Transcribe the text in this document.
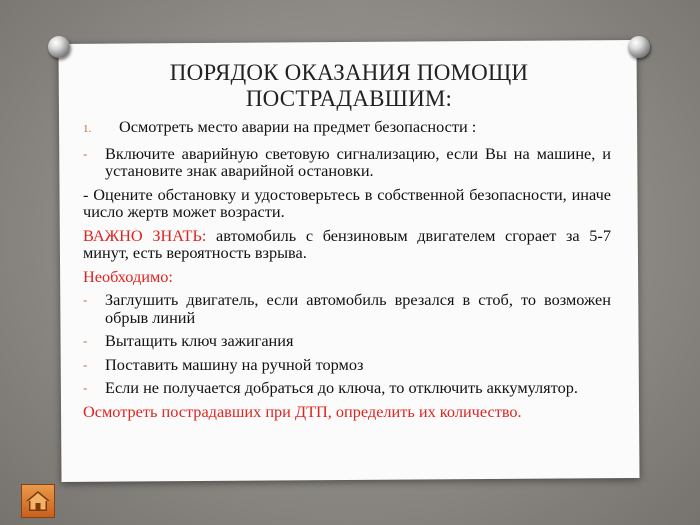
ПОРЯДОК ОКАЗАНИЯ ПОМОЩИ
ПОСТРАДАВШИМ:
1.	Осмотреть место аварии на предмет безопасности :
-	Включите аварийную световую сигнализацию, если Вы на машине, и установите знак аварийной остановки.
- Оцените обстановку и удостоверьтесь в собственной безопасности, иначе число жертв может возрасти.
ВАЖНО ЗНАТЬ: автомобиль с бензиновым двигателем сгорает за 5-7 минут, есть вероятность взрыва.
Необходимо:
-	Заглушить двигатель, если автомобиль врезался в стоб, то возможен обрыв линий
-	Вытащить ключ зажигания
-	Поставить машину на ручной тормоз
-	Если не получается добраться до ключа, то отключить аккумулятор.
Осмотреть пострадавших при ДТП, определить их количество.
